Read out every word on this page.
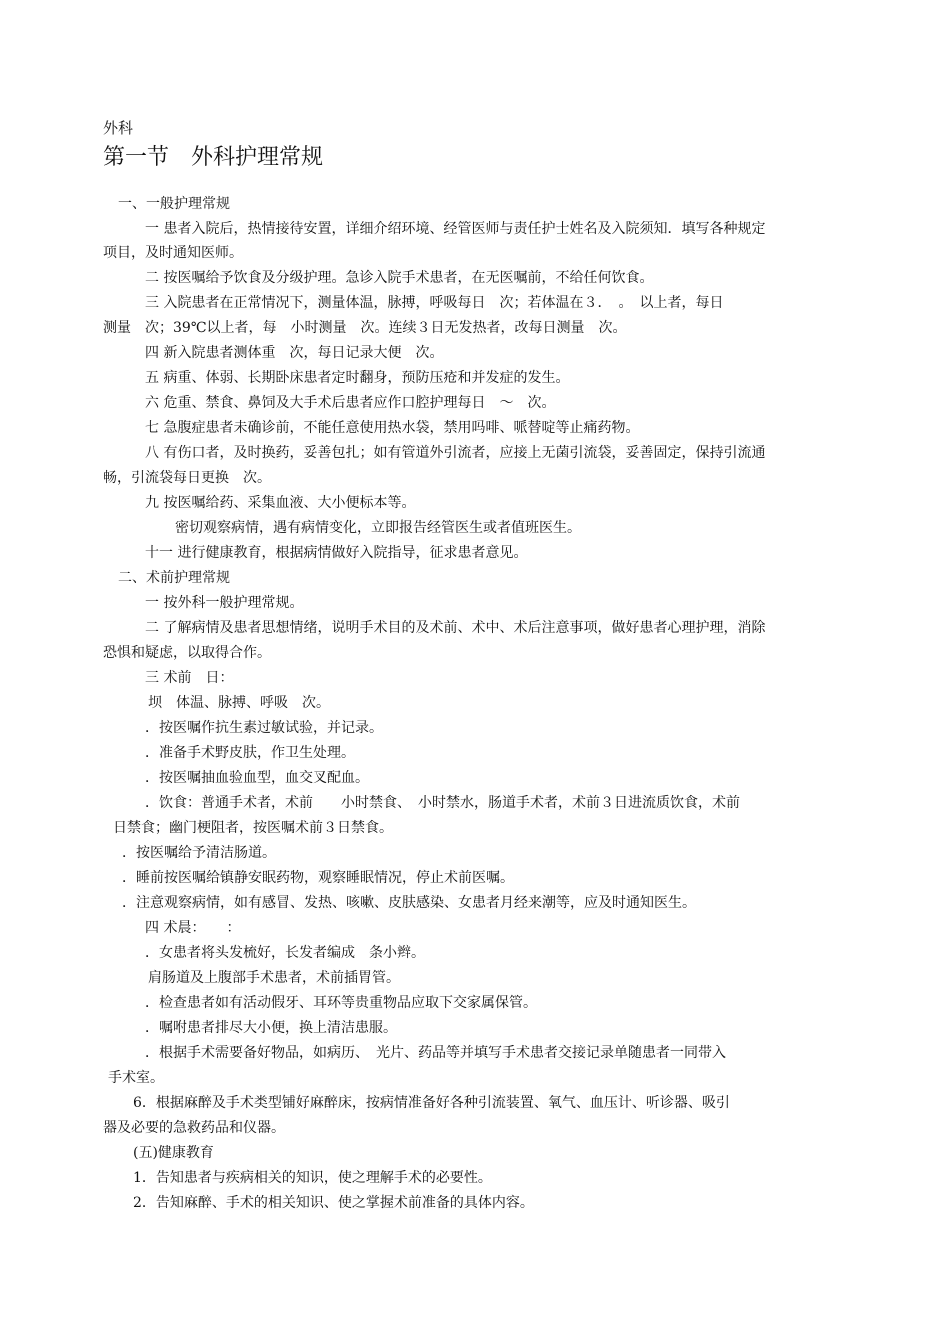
外科
第一节　外科护理常规
一、一般护理常规
一 患者入院后，热情接待安置，详细介绍环境、经管医师与责任护士姓名及入院须知．填写各种规定
项目，及时通知医师。
二 按医嘱给予饮食及分级护理。急诊入院手术患者，在无医嘱前，不给任何饮食。
三 入院患者在正常情况下，测量体温，脉搏，呼吸每日　次；若体温在３．　。　以上者，每日
测量　次；39℃以上者，每　小时测量　次。连续３日无发热者，改每日测量　次。
四 新入院患者测体重　次，每日记录大便　次。
五 病重、体弱、长期卧床患者定时翻身，预防压疮和并发症的发生。
六 危重、禁食、鼻饲及大手术后患者应作口腔护理每日　～　次。
七 急腹症患者未确诊前，不能任意使用热水袋，禁用吗啡、哌替啶等止痛药物。
八 有伤口者，及时换药，妥善包扎；如有管道外引流者，应接上无菌引流袋，妥善固定，保持引流通
畅，引流袋每日更换　次。
九 按医嘱给药、采集血液、大小便标本等。
密切观察病情，遇有病情变化，立即报告经管医生或者值班医生。
十一 进行健康教育，根据病情做好入院指导，征求患者意见。
二、术前护理常规
一 按外科一般护理常规。
二 了解病情及患者思想情绪，说明手术目的及术前、术中、术后注意事项，做好患者心理护理，消除
恐惧和疑虑，以取得合作。
三 术前　日：
坝　体温、脉搏、呼吸　次。
．按医嘱作抗生素过敏试验，并记录。
．准备手术野皮肤，作卫生处理。
．按医嘱抽血验血型，血交叉配血。
．饮食：普通手术者，术前　　小时禁食、　小时禁水，肠道手术者，术前３日进流质饮食，术前
日禁食；幽门梗阻者，按医嘱术前３日禁食。
．按医嘱给予清洁肠道。
．睡前按医嘱给镇静安眠药物，观察睡眠情况，停止术前医嘱。
．注意观察病情，如有感冒、发热、咳嗽、皮肤感染、女患者月经来潮等，应及时通知医生。
四 术晨：　　：
．女患者将头发梳好，长发者编成　条小辫。
肩肠道及上腹部手术患者，术前插胃管。
．检查患者如有活动假牙、耳环等贵重物品应取下交家属保管。
．嘱咐患者排尽大小便，换上清洁患服。
．根据手术需要备好物品，如病历、　光片、药品等并填写手术患者交接记录单随患者一同带入
手术室。
6．根据麻醉及手术类型铺好麻醉床，按病情准备好各种引流装置、氧气、血压计、听诊器、吸引
器及必要的急救药品和仪器。
(五)健康教育
1．告知患者与疾病相关的知识，使之理解手术的必要性。
2．告知麻醉、手术的相关知识、使之掌握术前准备的具体内容。
